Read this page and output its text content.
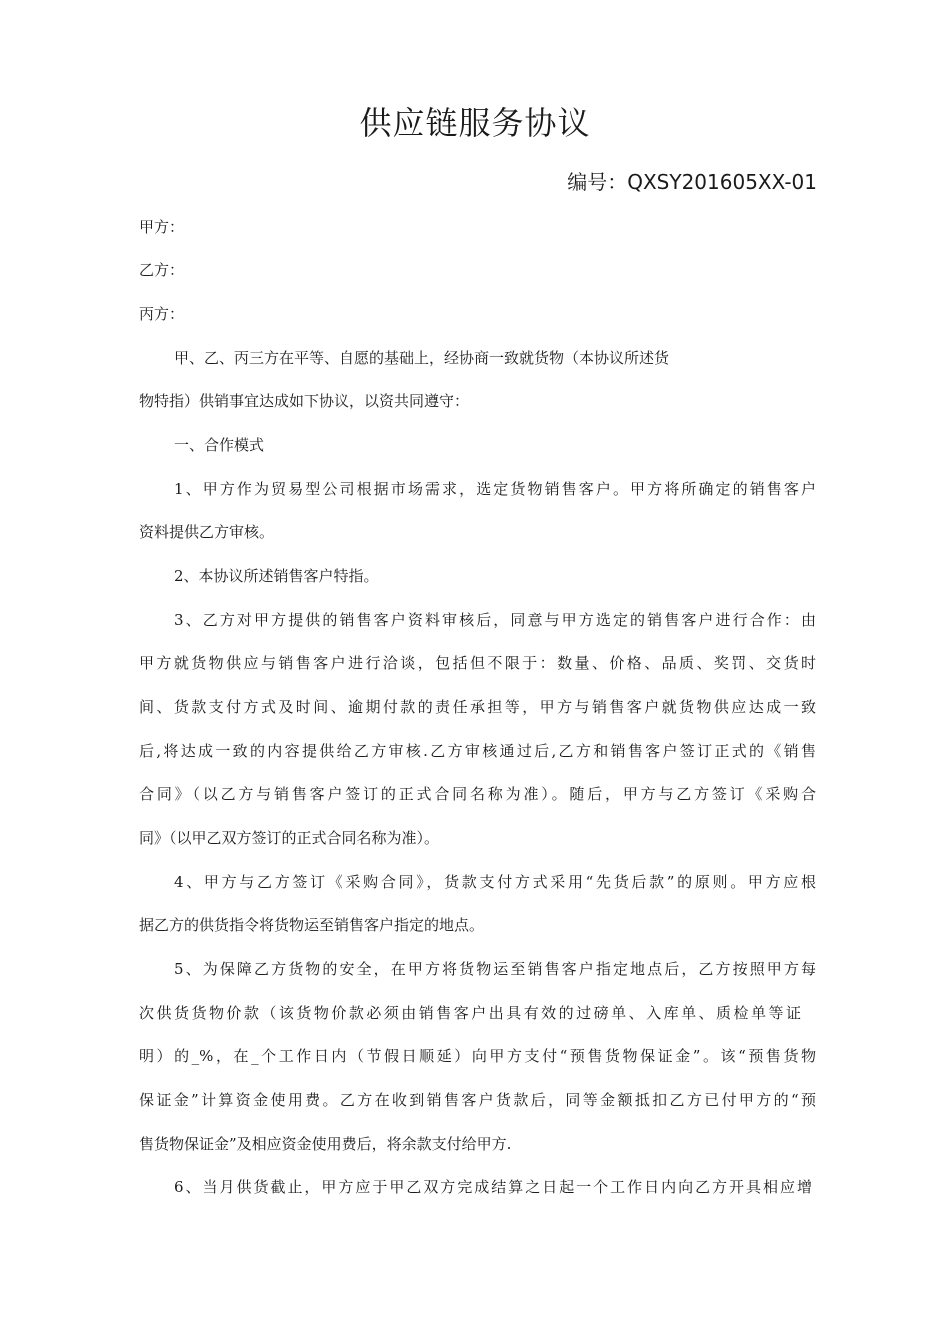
供应链服务协议
编号：QXSY201605XX-01
甲方：
乙方：
丙方：
甲、乙、丙三方在平等、自愿的基础上，经协商一致就货物（本协议所述货
物特指）供销事宜达成如下协议，以资共同遵守：
一、合作模式
1、甲方作为贸易型公司根据市场需求，选定货物销售客户。甲方将所确定的销售客户
资料提供乙方审核。
2、本协议所述销售客户特指。
3、乙方对甲方提供的销售客户资料审核后，同意与甲方选定的销售客户进行合作：由
甲方就货物供应与销售客户进行洽谈，包括但不限于：数量、价格、品质、奖罚、交货时
间、货款支付方式及时间、逾期付款的责任承担等，甲方与销售客户就货物供应达成一致
后,将达成一致的内容提供给乙方审核.乙方审核通过后,乙方和销售客户签订正式的《销售
合同》（以乙方与销售客户签订的正式合同名称为准）。随后，甲方与乙方签订《采购合
同》（以甲乙双方签订的正式合同名称为准）。
4、甲方与乙方签订《采购合同》，货款支付方式采用“先货后款”的原则。甲方应根
据乙方的供货指令将货物运至销售客户指定的地点。
5、为保障乙方货物的安全，在甲方将货物运至销售客户指定地点后，乙方按照甲方每
次供货货物价款（该货物价款必须由销售客户出具有效的过磅单、入库单、质检单等证
明）的_%，在_个工作日内（节假日顺延）向甲方支付“预售货物保证金”。该“预售货物
保证金”计算资金使用费。乙方在收到销售客户货款后，同等金额抵扣乙方已付甲方的“预
售货物保证金”及相应资金使用费后，将余款支付给甲方.
6、当月供货截止，甲方应于甲乙双方完成结算之日起一个工作日内向乙方开具相应增
